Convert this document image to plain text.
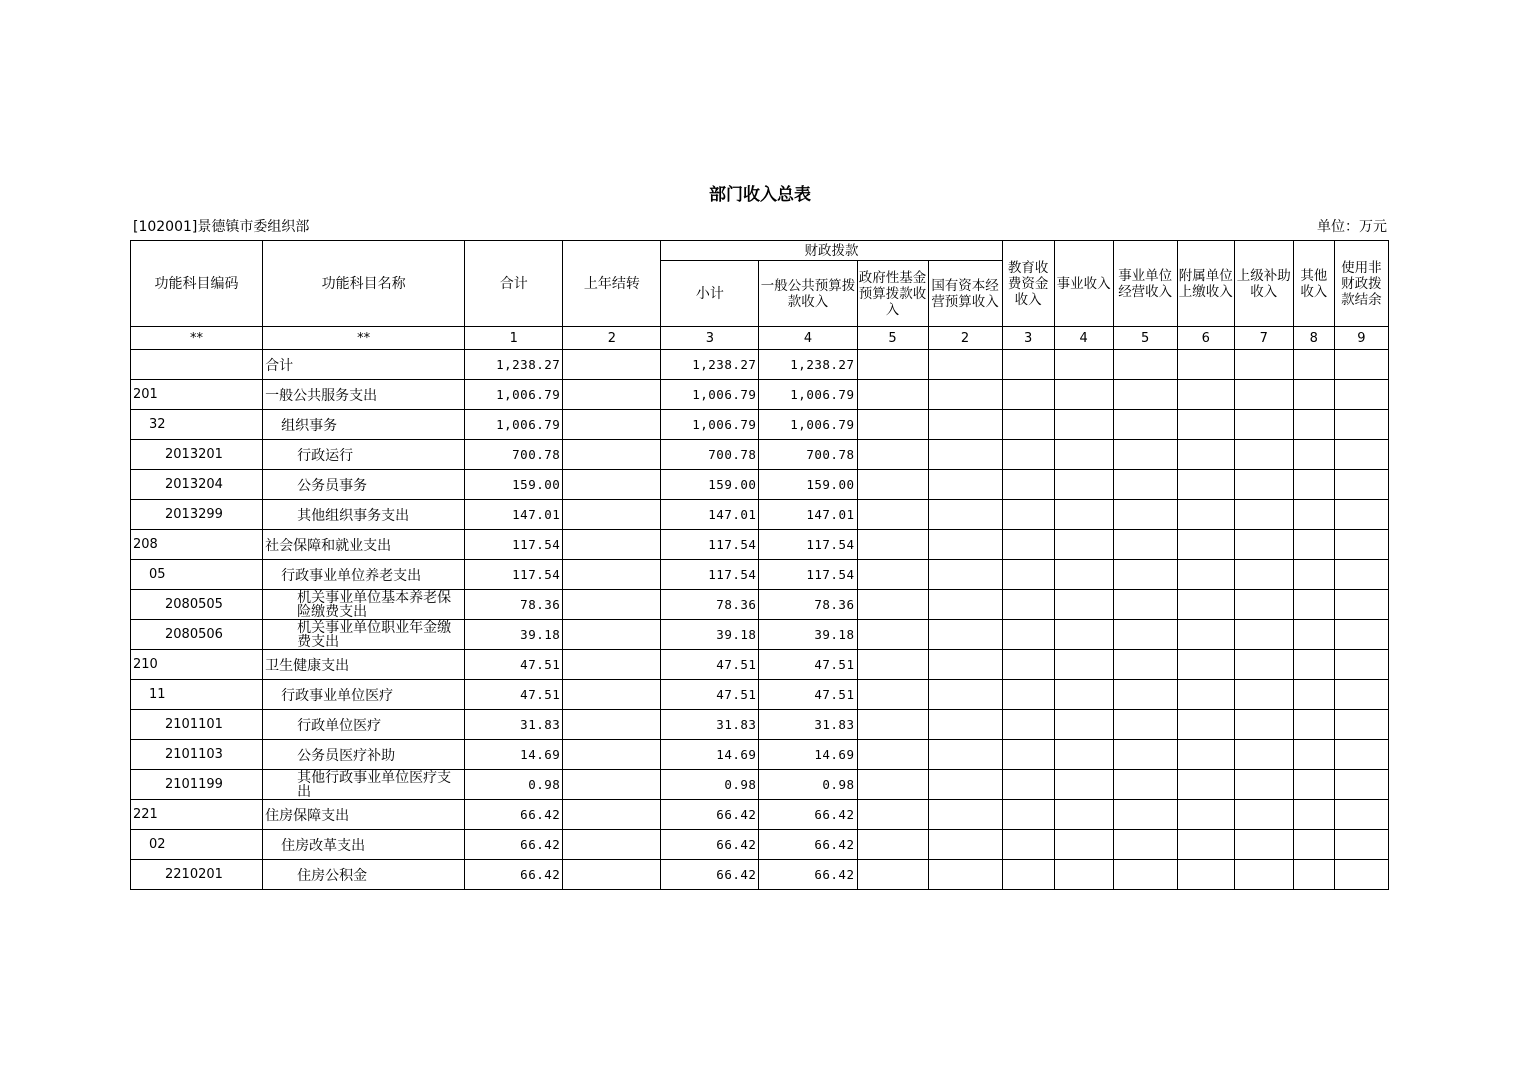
部门收入总表
[102001]景德镇市委组织部	单位：万元
功能科目编码	功能科目名称	合计	上年结转	财政拨款				教育收费资金收入	事业收入	事业单位经营收入	附属单位上缴收入	上级补助收入	其他收入	使用非财政拨款结余
				小计	一般公共预算拨款收入	政府性基金预算拨款收入	国有资本经营预算收入							
**	**	1	2	3	4	5	2	3	4	5	6	7	8	9
	合计	1,238.27		1,238.27	1,238.27									
201	一般公共服务支出	1,006.79		1,006.79	1,006.79									
32	组织事务	1,006.79		1,006.79	1,006.79									
2013201	行政运行	700.78		700.78	700.78									
2013204	公务员事务	159.00		159.00	159.00									
2013299	其他组织事务支出	147.01		147.01	147.01									
208	社会保障和就业支出	117.54		117.54	117.54									
05	行政事业单位养老支出	117.54		117.54	117.54									
2080505	机关事业单位基本养老保险缴费支出	78.36		78.36	78.36									
2080506	机关事业单位职业年金缴费支出	39.18		39.18	39.18									
210	卫生健康支出	47.51		47.51	47.51									
11	行政事业单位医疗	47.51		47.51	47.51									
2101101	行政单位医疗	31.83		31.83	31.83									
2101103	公务员医疗补助	14.69		14.69	14.69									
2101199	其他行政事业单位医疗支出	0.98		0.98	0.98									
221	住房保障支出	66.42		66.42	66.42									
02	住房改革支出	66.42		66.42	66.42									
2210201	住房公积金	66.42		66.42	66.42									
